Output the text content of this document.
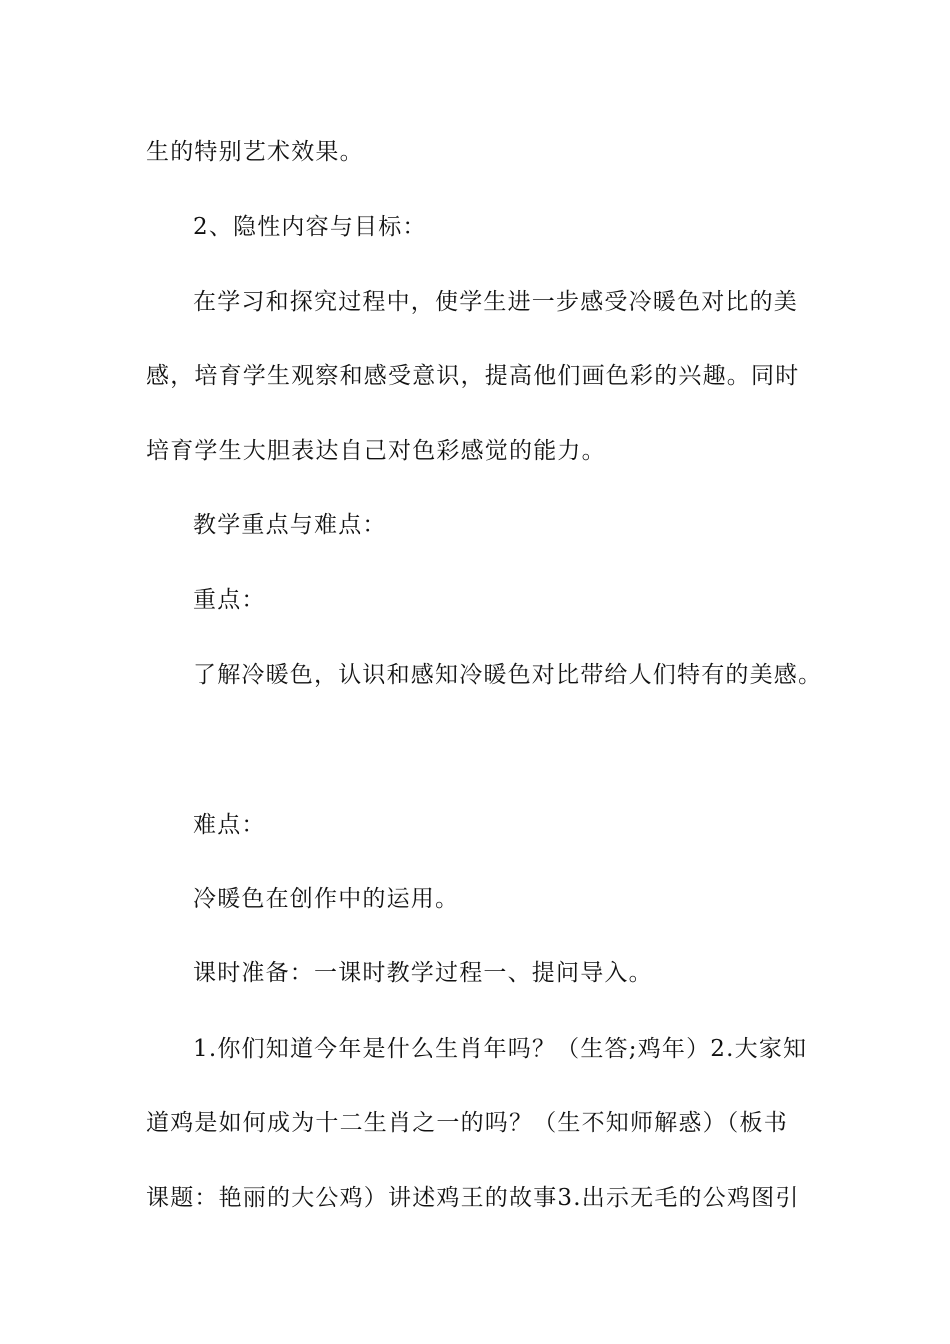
生的特别艺术效果。
2、隐性内容与目标：
在学习和探究过程中，使学生进一步感受冷暖色对比的美
感，培育学生观察和感受意识，提高他们画色彩的兴趣。同时
培育学生大胆表达自己对色彩感觉的能力。
教学重点与难点：
重点：
了解冷暖色，认识和感知冷暖色对比带给人们特有的美感。
难点：
冷暖色在创作中的运用。
课时准备：一课时教学过程一、提问导入。
1.你们知道今年是什么生肖年吗？（生答;鸡年）2.大家知
道鸡是如何成为十二生肖之一的吗？（生不知师解惑）（板书
课题：艳丽的大公鸡）讲述鸡王的故事3.出示无毛的公鸡图引
